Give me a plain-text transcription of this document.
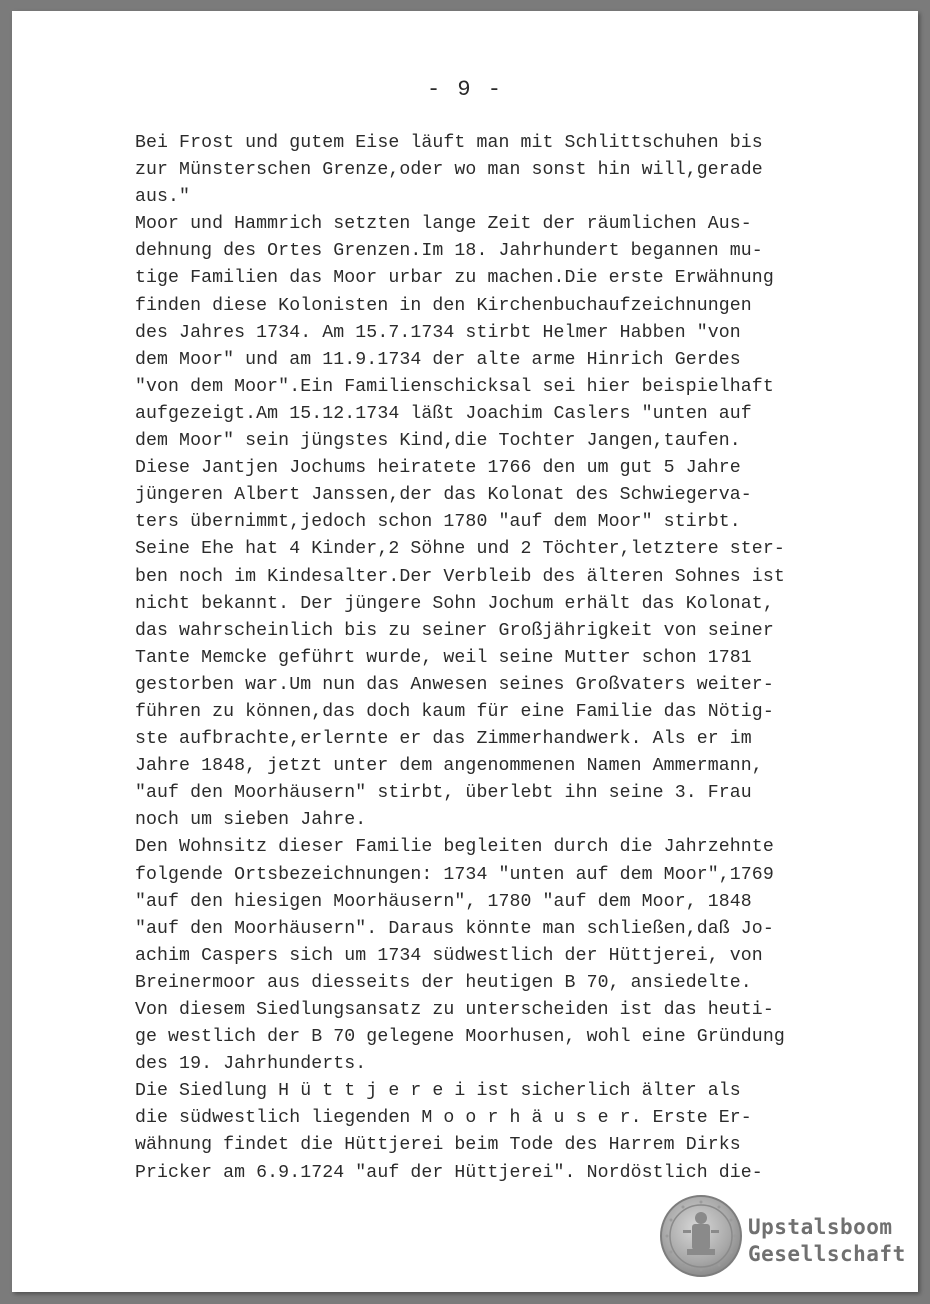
- 9 -
Bei Frost und gutem Eise läuft man mit Schlittschuhen bis
zur Münsterschen Grenze,oder wo man sonst hin will,gerade
aus."
Moor und Hammrich setzten lange Zeit der räumlichen Aus-
dehnung des Ortes Grenzen.Im 18. Jahrhundert begannen mu-
tige Familien das Moor urbar zu machen.Die erste Erwähnung
finden diese Kolonisten in den Kirchenbuchaufzeichnungen
des Jahres 1734. Am 15.7.1734 stirbt Helmer Habben "von
dem Moor" und am 11.9.1734 der alte arme Hinrich Gerdes
"von dem Moor".Ein Familienschicksal sei hier beispielhaft
aufgezeigt.Am 15.12.1734 läßt Joachim Caslers "unten auf
dem Moor" sein jüngstes Kind,die Tochter Jangen,taufen.
Diese Jantjen Jochums heiratete 1766 den um gut 5 Jahre
jüngeren Albert Janssen,der das Kolonat des Schwiegerva-
ters übernimmt,jedoch schon 1780 "auf dem Moor" stirbt.
Seine Ehe hat 4 Kinder,2 Söhne und 2 Töchter,letztere ster-
ben noch im Kindesalter.Der Verbleib des älteren Sohnes ist
nicht bekannt. Der jüngere Sohn Jochum erhält das Kolonat,
das wahrscheinlich bis zu seiner Großjährigkeit von seiner
Tante Memcke geführt wurde, weil seine Mutter schon 1781
gestorben war.Um nun das Anwesen seines Großvaters weiter-
führen zu können,das doch kaum für eine Familie das Nötig-
ste aufbrachte,erlernte er das Zimmerhandwerk. Als er im
Jahre 1848, jetzt unter dem angenommenen Namen Ammermann,
"auf den Moorhäusern" stirbt, überlebt ihn seine 3. Frau
noch um sieben Jahre.
Den Wohnsitz dieser Familie begleiten durch die Jahrzehnte
folgende Ortsbezeichnungen: 1734 "unten auf dem Moor",1769
"auf den hiesigen Moorhäusern", 1780 "auf dem Moor, 1848
"auf den Moorhäusern". Daraus könnte man schließen,daß Jo-
achim Caspers sich um 1734 südwestlich der Hüttjerei, von
Breinermoor aus diesseits der heutigen B 70, ansiedelte.
Von diesem Siedlungsansatz zu unterscheiden ist das heuti-
ge westlich der B 70 gelegene Moorhusen, wohl eine Gründung
des 19. Jahrhunderts.
Die Siedlung H ü t t j e r e i ist sicherlich älter als
die südwestlich liegenden M o o r h ä u s e r. Erste Er-
wähnung findet die Hüttjerei beim Tode des Harrem Dirks
Pricker am 6.9.1724 "auf der Hüttjerei". Nordöstlich die-
Upstalsboom
Gesellschaft
